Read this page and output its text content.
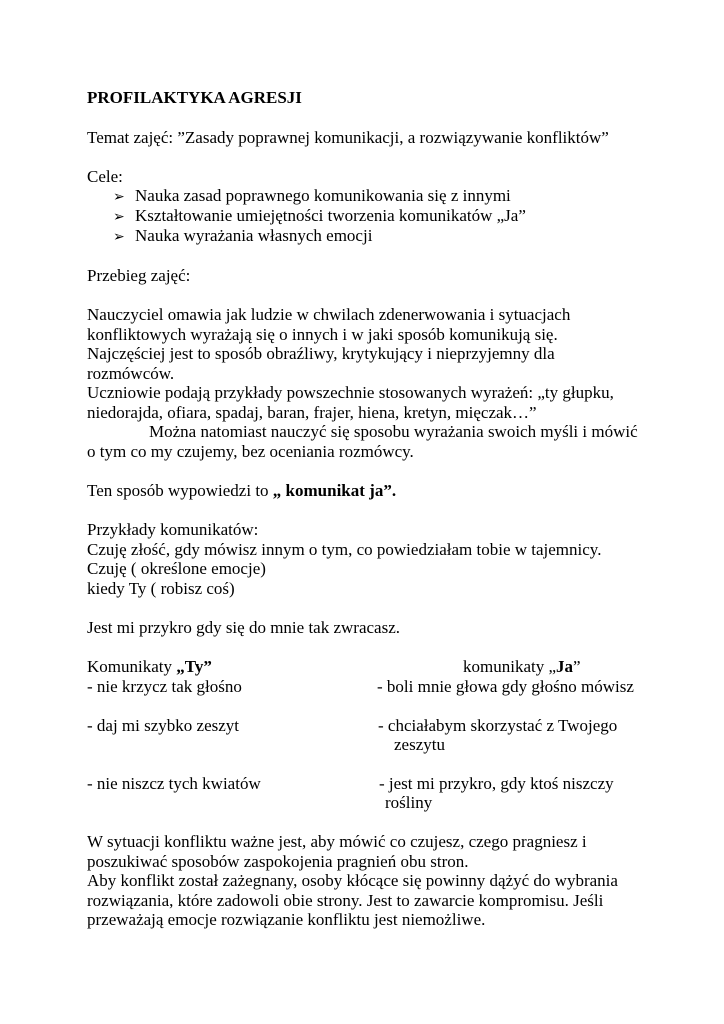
PROFILAKTYKA AGRESJI
Temat zajęć: ”Zasady poprawnej komunikacji, a rozwiązywanie konfliktów”
Cele:
➢ Nauka zasad poprawnego komunikowania się z innymi
➢ Kształtowanie umiejętności tworzenia komunikatów „Ja”
➢ Nauka wyrażania własnych emocji
Przebieg zajęć:
Nauczyciel omawia jak ludzie w chwilach zdenerwowania i sytuacjach
konfliktowych wyrażają się o innych i w jaki sposób komunikują się.
Najczęściej jest to sposób obraźliwy, krytykujący i nieprzyjemny dla
rozmówców.
Uczniowie podają przykłady powszechnie stosowanych wyrażeń: „ty głupku,
niedorajda, ofiara, spadaj, baran, frajer, hiena, kretyn, mięczak…”
Można natomiast nauczyć się sposobu wyrażania swoich myśli i mówić
o tym co my czujemy, bez oceniania rozmówcy.
Ten sposób wypowiedzi to „ komunikat ja”.
Przykłady komunikatów:
Czuję złość, gdy mówisz innym o tym, co powiedziałam tobie w tajemnicy.
Czuję ( określone emocje)
kiedy Ty ( robisz coś)
Jest mi przykro gdy się do mnie tak zwracasz.
Komunikaty „Ty”	komunikaty „Ja”
- nie krzycz tak głośno	- boli mnie głowa gdy głośno mówisz
- daj mi szybko zeszyt	- chciałabym skorzystać z Twojego
zeszytu
- nie niszcz tych kwiatów	- jest mi przykro, gdy ktoś niszczy
rośliny
W sytuacji konfliktu ważne jest, aby mówić co czujesz, czego pragniesz i
poszukiwać sposobów zaspokojenia pragnień obu stron.
Aby konflikt został zażegnany, osoby kłócące się powinny dążyć do wybrania
rozwiązania, które zadowoli obie strony. Jest to zawarcie kompromisu. Jeśli
przeważają emocje rozwiązanie konfliktu jest niemożliwe.
